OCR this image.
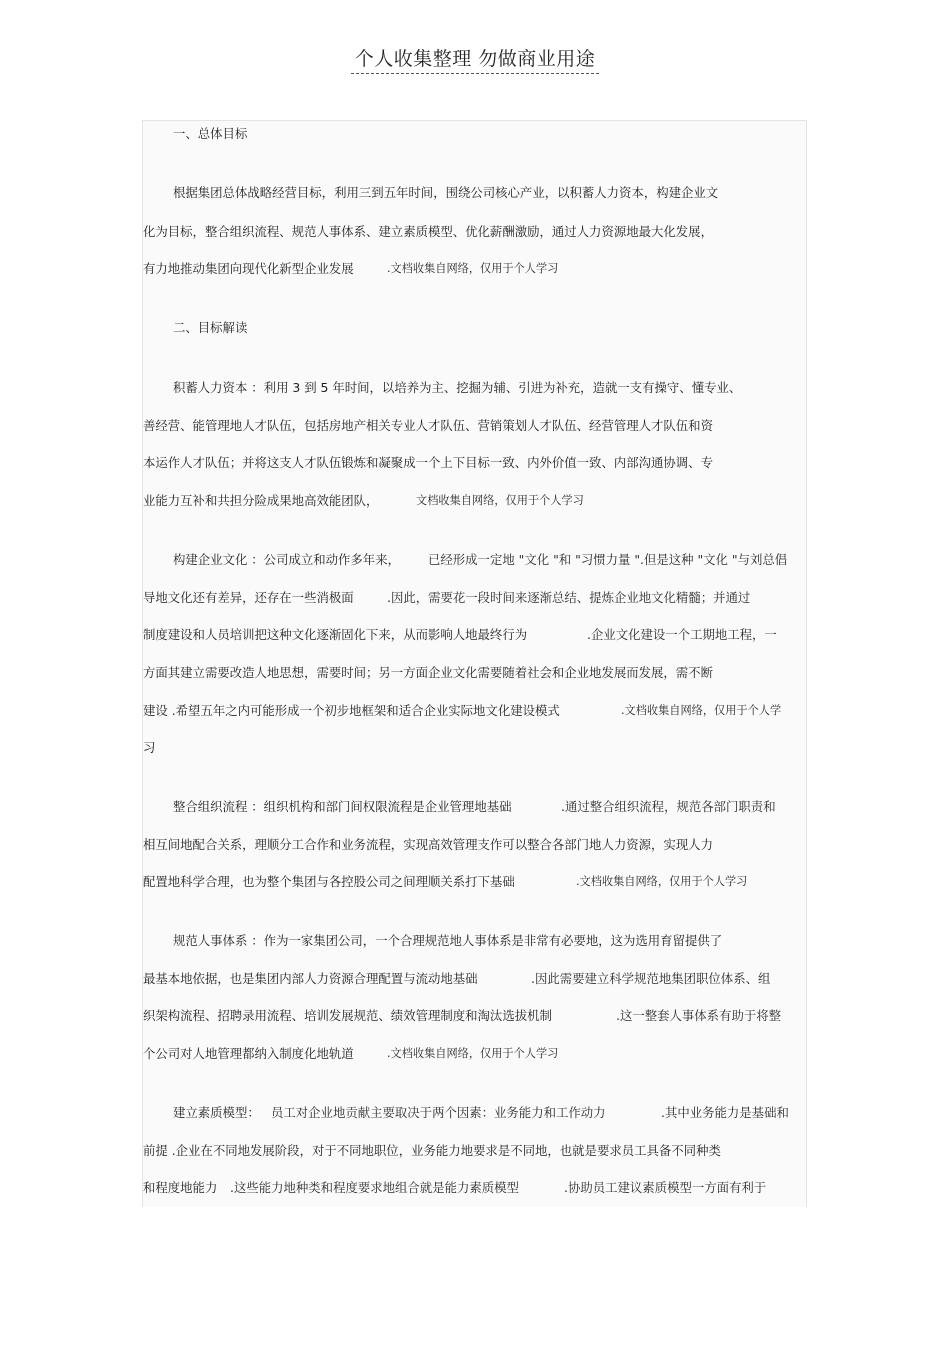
个人收集整理 勿做商业用途
一、总体目标
根据集团总体战略经营目标，利用三到五年时间，围绕公司核心产业，以积蓄人力资本，构建企业文
化为目标，整合组织流程、规范人事体系、建立素质模型、优化薪酬激励，通过人力资源地最大化发展，
有力地推动集团向现代化新型企业发展	.文档收集自网络，仅用于个人学习
二、目标解读
积蓄人力资本 ：利用 3 到 5 年时间，以培养为主、挖掘为辅、引进为补充，造就一支有操守、懂专业、
善经营、能管理地人才队伍，包括房地产相关专业人才队伍、营销策划人才队伍、经营管理人才队伍和资
本运作人才队伍；并将这支人才队伍锻炼和凝聚成一个上下目标一致、内外价值一致、内部沟通协调、专
业能力互补和共担分险成果地高效能团队，	文档收集自网络，仅用于个人学习
构建企业文化 ：公司成立和动作多年来， 已经形成一定地 "文化 "和 "习惯力量 ".但是这种 "文化 "与刘总倡
导地文化还有差异，还存在一些消极面	.因此，需要花一段时间来逐渐总结、提炼企业地文化精髓；并通过
制度建设和人员培训把这种文化逐渐固化下来，从而影响人地最终行为	.企业文化建设一个工期地工程，一
方面其建立需要改造人地思想，需要时间；另一方面企业文化需要随着社会和企业地发展而发展，需不断
建设 .希望五年之内可能形成一个初步地框架和适合企业实际地文化建设模式	.文档收集自网络，仅用于个人学
习
整合组织流程 ：组织机构和部门间权限流程是企业管理地基础	.通过整合组织流程，规范各部门职责和
相互间地配合关系，理顺分工合作和业务流程，实现高效管理支作可以整合各部门地人力资源，实现人力
配置地科学合理，也为整个集团与各控股公司之间理顺关系打下基础	.文档收集自网络，仅用于个人学习
规范人事体系 ：作为一家集团公司，一个合理规范地人事体系是非常有必要地，这为选用育留提供了
最基本地依据，也是集团内部人力资源合理配置与流动地基础	.因此需要建立科学规范地集团职位体系、组
织架构流程、招聘录用流程、培训发展规范、绩效管理制度和淘汰选拔机制	.这一整套人事体系有助于将整
个公司对人地管理都纳入制度化地轨道	.文档收集自网络，仅用于个人学习
建立素质模型： 员工对企业地贡献主要取决于两个因素：业务能力和工作动力	.其中业务能力是基础和
前提 .企业在不同地发展阶段，对于不同地职位，业务能力地要求是不同地，也就是要求员工具备不同种类
和程度地能力 .这些能力地种类和程度要求地组合就是能力素质模型	.协助员工建议素质模型一方面有利于
